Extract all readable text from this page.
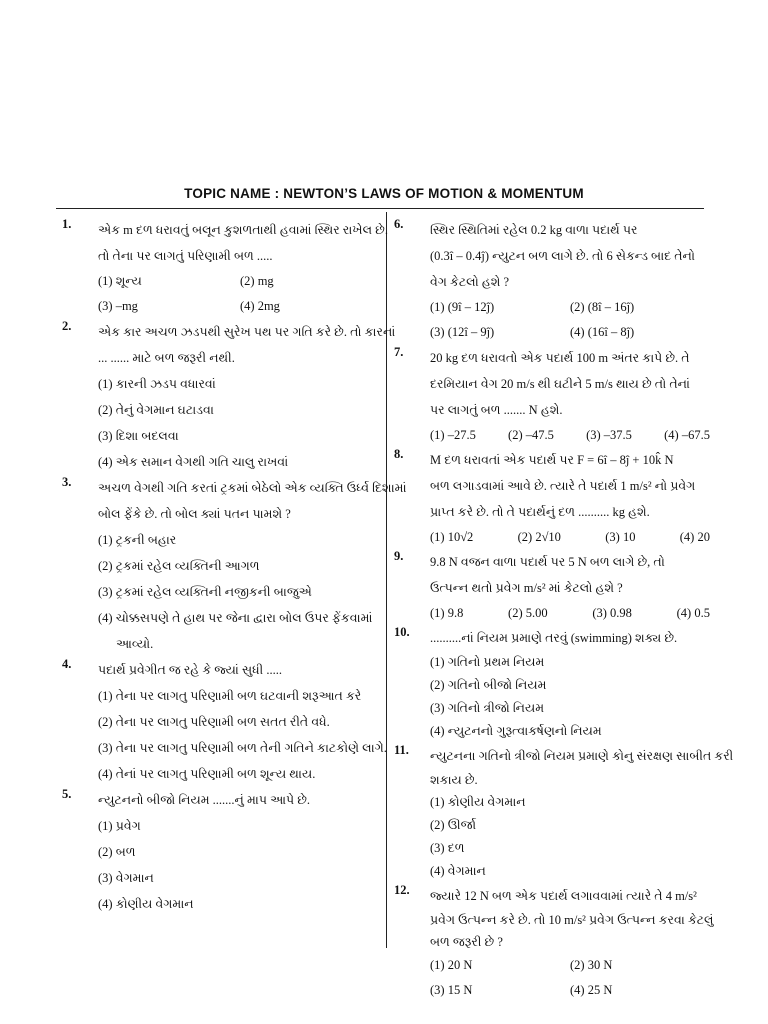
TOPIC NAME : NEWTON’S LAWS OF MOTION & MOMENTUM
1. એક m દળ ધરાવતું બલૂન કુશળતાથી હવામાં સ્થિર રાખેલ છે.
તો તેના પર લાગતું પરિણામી બળ .....
(1) શૂન્ય	(2) mg
(3) –mg	(4) 2mg
2. એક કાર અચળ ઝડપથી સુરેખ પથ પર ગતિ કરે છે. તો કારનાં
... ...... માટે બળ જરૂરી નથી.
(1) કારની ઝડપ વધારવાં
(2) તેનું વેગમાન ઘટાડવા
(3) દિશા બદલવા
(4) એક સમાન વેગથી ગતિ ચાલુ રાખવાં
3. અચળ વેગથી ગતિ કરતાં ટ્રકમાં બેઠેલો એક વ્યક્તિ ઉર્ધ્વ દિશામાં
બોલ ફેંકે છે. તો બોલ ક્યાં પતન પામશે ?
(1) ટ્રકની બહાર
(2) ટ્રકમાં રહેલ વ્યક્તિની આગળ
(3) ટ્રકમાં રહેલ વ્યક્તિની નજીકની બાજુએ
(4) ચોક્કસપણે તે હાથ પર જેના દ્વારા બોલ ઉપર ફેંકવામાં
આવ્યો.
4. પદાર્થ પ્રવેગીત જ રહે કે જ્યાં સુધી .....
(1) તેના પર લાગતુ પરિણામી બળ ઘટવાની શરૂઆત કરે
(2) તેના પર લાગતુ પરિણામી બળ સતત રીતે વધે.
(3) તેના પર લાગતુ પરિણામી બળ તેની ગતિને કાટકોણે લાગે.
(4) તેનાં પર લાગતુ પરિણામી બળ શૂન્ય થાય.
5. ન્યુટનનો બીજો નિયમ .......નું માપ આપે છે.
(1) પ્રવેગ
(2) બળ
(3) વેગમાન
(4) કોણીય વેગમાન
6. સ્થિર સ્થિતિમાં રહેલ 0.2 kg વાળા પદાર્થ પર
(0.3î – 0.4ĵ) ન્યુટન બળ લાગે છે. તો 6 સેકન્ડ બાદ તેનો
વેગ કેટલો હશે ?
(1) (9î – 12ĵ)	(2) (8î – 16ĵ)
(3) (12î – 9ĵ)	(4) (16î – 8ĵ)
7. 20 kg દળ ધરાવતો એક પદાર્થ 100 m અંતર કાપે છે. તે
દરમિયાન વેગ 20 m/s થી ઘટીને 5 m/s થાય છે તો તેનાં
પર લાગતું બળ ....... N હશે.
(1) –27.5	(2) –47.5	(3) –37.5	(4) –67.5
8. M દળ ધરાવતાં એક પદાર્થ પર F = 6î – 8ĵ + 10k̂ N
બળ લગાડવામાં આવે છે. ત્યારે તે પદાર્થ 1 m/s² નો પ્રવેગ
પ્રાપ્ત કરે છે. તો તે પદાર્થનું દળ .......... kg હશે.
(1) 10√2	(2) 2√10	(3) 10	(4) 20
9. 9.8 N વજન વાળા પદાર્થ પર 5 N બળ લાગે છે, તો
ઉત્પન્ન થતો પ્રવેગ m/s² માં કેટલો હશે ?
(1) 9.8	(2) 5.00	(3) 0.98	(4) 0.5
10. ..........નાં નિયમ પ્રમાણે તરવું (swimming) શક્ય છે.
(1) ગતિનો પ્રથમ નિયમ
(2) ગતિનો બીજો નિયમ
(3) ગતિનો ત્રીજો નિયમ
(4) ન્યુટનનો ગુરૂત્વાકર્ષણનો નિયમ
11. ન્યુટનના ગતિનો ત્રીજો નિયમ પ્રમાણે કોનુ સંરક્ષણ સાબીત કરી
શકાય છે.
(1) કોણીય વેગમાન
(2) ઊર્જા
(3) દળ
(4) વેગમાન
12. જ્યારે 12 N બળ એક પદાર્થ લગાવવામાં ત્યારે તે 4 m/s²
પ્રવેગ ઉત્પન્ન કરે છે. તો 10 m/s² પ્રવેગ ઉત્પન્ન કરવા કેટલું
બળ જરૂરી છે ?
(1) 20 N	(2) 30 N
(3) 15 N	(4) 25 N
